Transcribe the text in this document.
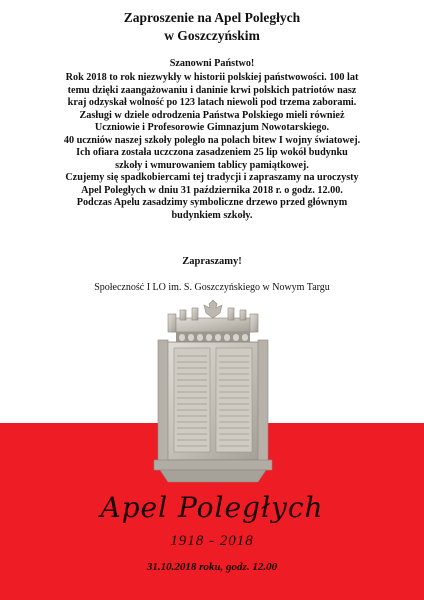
Zaproszenie na Apel Poległych
w Goszczyńskim
Szanowni Państwo!
Rok 2018 to rok niezwykły w historii polskiej państwowości. 100 lat
temu dzięki zaangażowaniu i daninie krwi polskich patriotów nasz
kraj odzyskał wolność po 123 latach niewoli pod trzema zaborami.
Zasługi w dziele odrodzenia Państwa Polskiego mieli również
Uczniowie i Profesorowie Gimnazjum Nowotarskiego.
40 uczniów naszej szkoły poległo na polach bitew I wojny światowej.
Ich ofiara została uczczona zasadzeniem 25 lip wokół budynku
szkoły i wmurowaniem tablicy pamiątkowej.
Czujemy się spadkobiercami tej tradycji i zapraszamy na uroczysty
Apel Poległych w dniu 31 października 2018 r. o godz. 12.00.
Podczas Apelu zasadzimy symboliczne drzewo przed głównym
budynkiem szkoły.
Zapraszamy!
Społeczność I LO im. S. Goszczyńskiego w Nowym Targu
Apel Poległych
1918 - 2018
31.10.2018 roku, godz. 12.00
